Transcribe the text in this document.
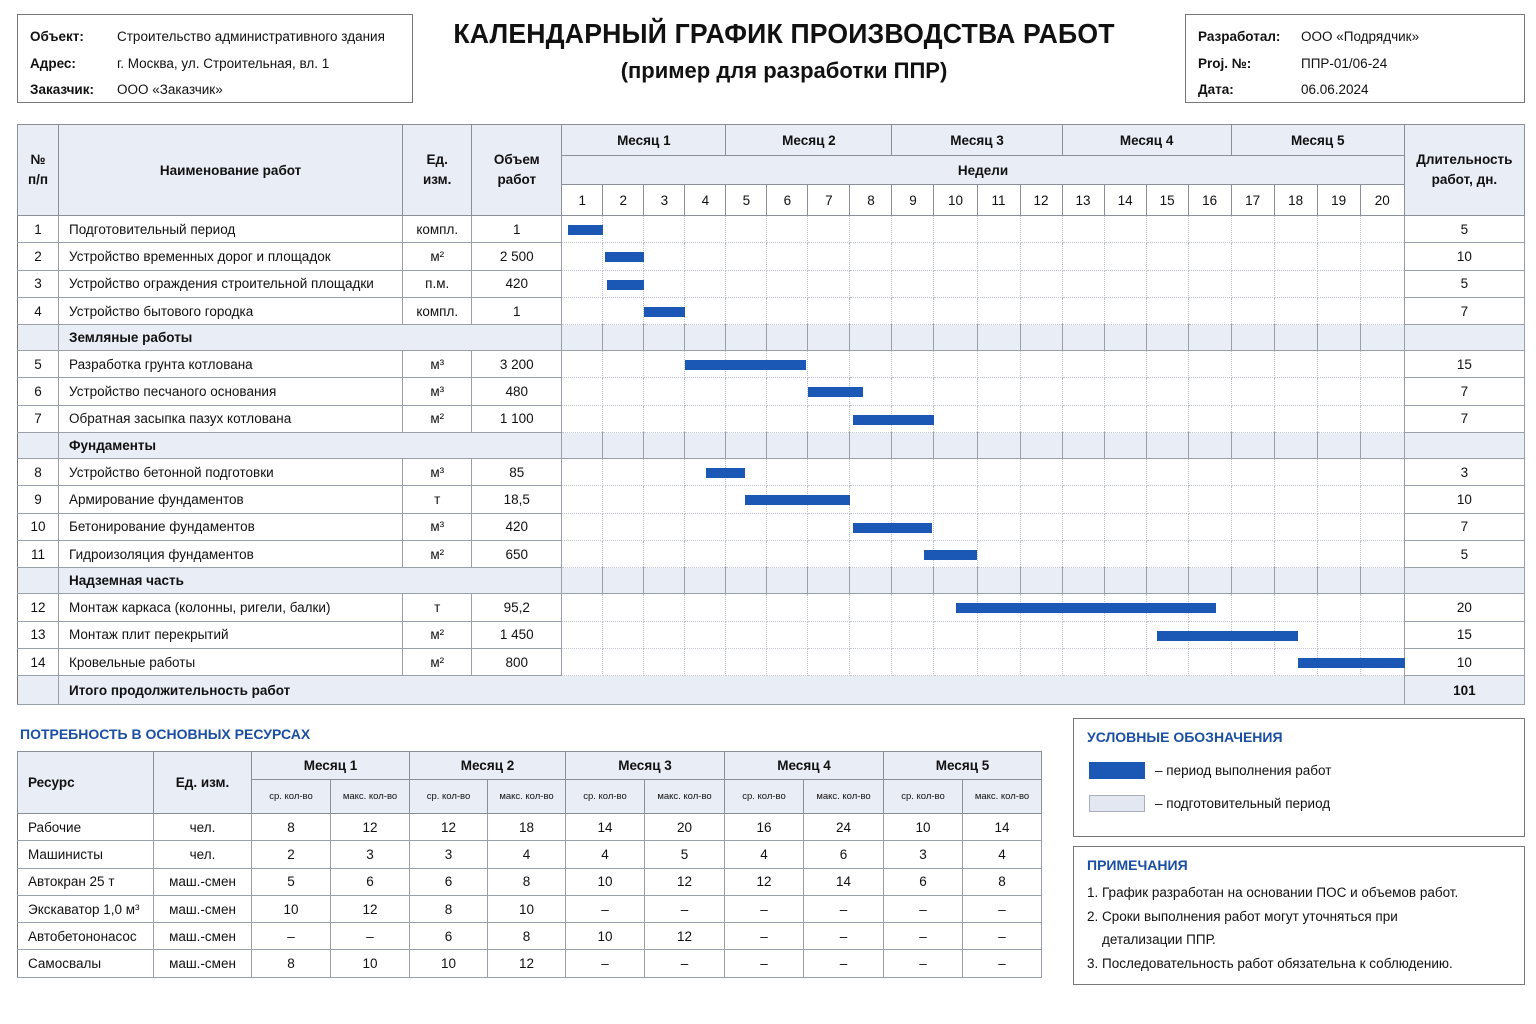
Объект:	Строительство административного здания
Адрес:	г. Москва, ул. Строительная, вл. 1
Заказчик:	ООО «Заказчик»
КАЛЕНДАРНЫЙ ГРАФИК ПРОИЗВОДСТВА РАБОТ
(пример для разработки ППР)
Разработал:	ООО «Подрядчик»
Proj. №:	ППР-01/06-24
Дата:	06.06.2024
№ п/п	Наименование работ	Ед. изм.	Объем работ	Месяц 1				Месяц 2				Месяц 3				Месяц 4				Месяц 5				Длительность работ, дн.
				Недели																				
				1	2	3	4	5	6	7	8	9	10	11	12	13	14	15	16	17	18	19	20	
1	Подготовительный период	компл.	1																					5
2	Устройство временных дорог и площадок	м²	2 500																					10
3	Устройство ограждения строительной площадки	п.м.	420																					5
4	Устройство бытового городка	компл.	1																					7
	Земляные работы																							
5	Разработка грунта котлована	м³	3 200																					15
6	Устройство песчаного основания	м³	480																					7
7	Обратная засыпка пазух котлована	м²	1 100																					7
	Фундаменты																							
8	Устройство бетонной подготовки	м³	85																					3
9	Армирование фундаментов	т	18,5																					10
10	Бетонирование фундаментов	м³	420																					7
11	Гидроизоляция фундаментов	м²	650																					5
	Надземная часть																							
12	Монтаж каркаса (колонны, ригели, балки)	т	95,2																					20
13	Монтаж плит перекрытий	м²	1 450																					15
14	Кровельные работы	м²	800																					10
	Итого продолжительность работ																							101
ПОТРЕБНОСТЬ В ОСНОВНЫХ РЕСУРСАХ
Ресурс	Ед. изм.	Месяц 1		Месяц 2		Месяц 3		Месяц 4		Месяц 5	
		ср. кол-во	макс. кол-во	ср. кол-во	макс. кол-во	ср. кол-во	макс. кол-во	ср. кол-во	макс. кол-во	ср. кол-во	макс. кол-во
Рабочие	чел.	8	12	12	18	14	20	16	24	10	14
Машинисты	чел.	2	3	3	4	4	5	4	6	3	4
Автокран 25 т	маш.-смен	5	6	6	8	10	12	12	14	6	8
Экскаватор 1,0 м³	маш.-смен	10	12	8	10	–	–	–	–	–	–
Автобетононасос	маш.-смен	–	–	6	8	10	12	–	–	–	–
Самосвалы	маш.-смен	8	10	10	12	–	–	–	–	–	–
УСЛОВНЫЕ ОБОЗНАЧЕНИЯ
– период выполнения работ
– подготовительный период
ПРИМЕЧАНИЯ
1. График разработан на основании ПОС и объемов работ.
2. Сроки выполнения работ могут уточняться при
детализации ППР.
3. Последовательность работ обязательна к соблюдению.
